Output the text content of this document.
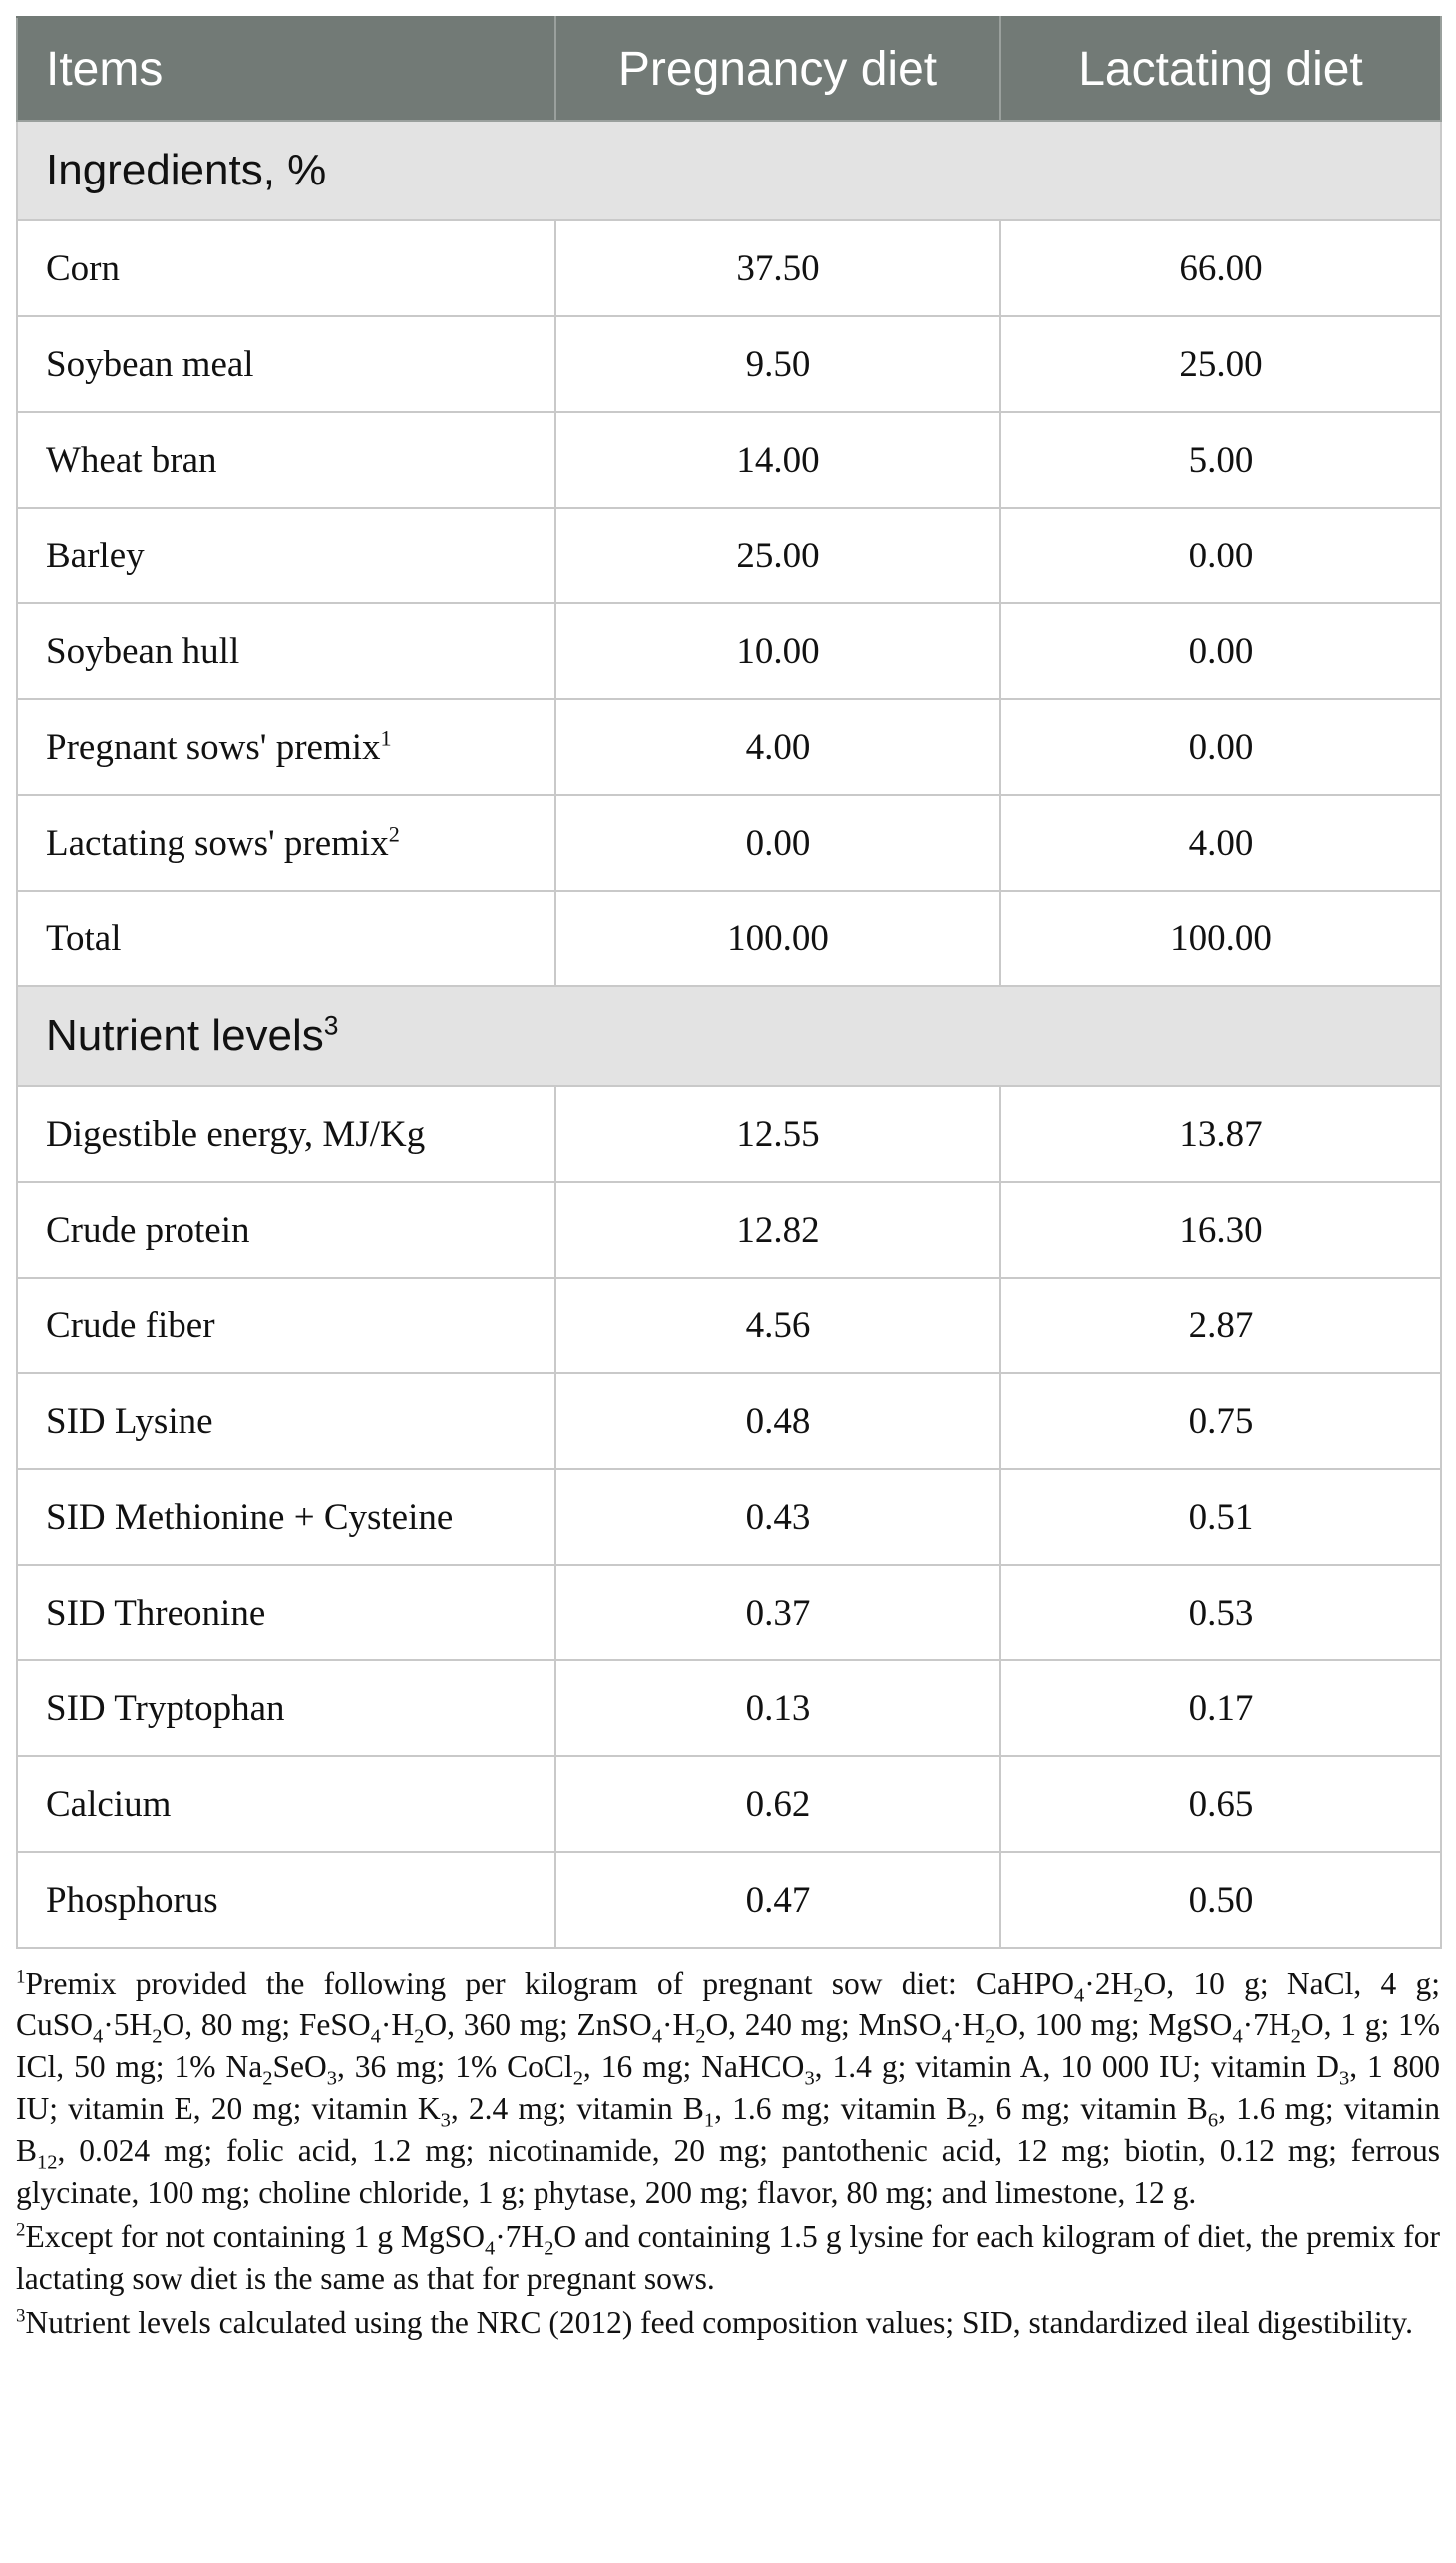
Items	Pregnancy diet	Lactating diet
Ingredients, %		
Corn	37.50	66.00
Soybean meal	9.50	25.00
Wheat bran	14.00	5.00
Barley	25.00	0.00
Soybean hull	10.00	0.00
Pregnant sows' premix$^1$	4.00	0.00
Lactating sows' premix$^2$	0.00	4.00
Total	100.00	100.00
Nutrient levels$^3$
Digestible energy, MJ/Kg	12.55	13.87
Crude protein	12.82	16.30
Crude fiber	4.56	2.87
SID Lysine	0.48	0.75
SID Methionine + Cysteine	0.43	0.51
SID Threonine	0.37	0.53
SID Tryptophan	0.13	0.17
Calcium	0.62	0.65
Phosphorus	0.47	0.50

$^1$Premix provided the following per kilogram of pregnant sow diet: $CaHPO_4\cdot 2H_2O$, 10 g; NaCl, 4 g; $CuSO_4\cdot 5H_2O$, 80 mg; $FeSO_4\cdot H_2O$, 360 mg; $ZnSO_4\cdot H_2O$, 240 mg; $MnSO_4\cdot H_2O$, 100 mg; $MgSO_4\cdot 7H_2O$, 1 g; 1% ICl, 50 mg; 1% $Na_2SeO_3$, 36 mg; 1% CoCl$_2$, 16 mg; NaHCO$_3$, 1.4 g; vitamin A, 10 000 IU; vitamin $D_3$, 1 800 IU; vitamin E, 20 mg; vitamin $K_3$, 2.4 mg; vitamin $B_1$, 1.6 mg; vitamin $B_2$, 6 mg; vitamin $B_6$, 1.6 mg; vitamin $B_{12}$, 0.024 mg; folic acid, 1.2 mg; nicotinamide, 20 mg; pantothenic acid, 12 mg; biotin, 0.12 mg; ferrous glycinate, 100 mg; choline chloride, 1 g; phytase, 200 mg; flavor, 80 mg; and limestone, 12 g.

$^2$Except for not containing 1 g $MgSO_4\cdot 7H_2O$ and containing 1.5 g lysine for each kilogram of diet, the premix for lactating sow diet is the same as that for pregnant sows.

$^3$Nutrient levels calculated using the NRC (2012) feed composition values; SID, standardized ileal digestibility.
